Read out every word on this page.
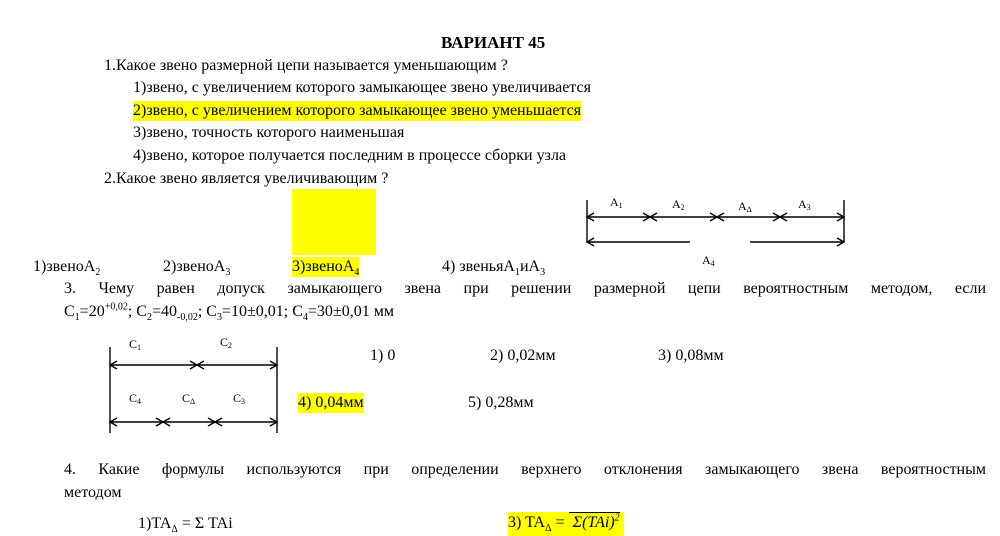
ВАРИАНТ 45
1.Какое звено размерной цепи называется уменьшающим ?
1)звено, с увеличением которого замыкающее звено увеличивается
2)звено, с увеличением которого замыкающее звено уменьшается
3)звено, точность которого наименьшая
4)звено, которое получается последним в процессе сборки узла
2.Какое звено является увеличивающим ?
1)звеноA$_2$	2)звеноA$_3$	3)звеноA$_4$	4) $звеньяA_1иA_3$
A1	A2	AΔ	A3
A4
3. Чему равен допуск замыкающего звена при решении размерной цепи вероятностным методом, если
$C_1=20^{+0,02}$; $C_2=40_{-0,02}$; $C_3=10\pm 0,01$; $C_4=30\pm 0,01$ мм
C1	C2
C4	CΔ	C3
1) 0	2) 0,02мм	3) 0,08мм
4) 0,04мм	5) 0,28мм
4. Какие формулы используются при определении верхнего отклонения замыкающего звена вероятностным
методом
$1)TA_\Delta = \Sigma$ TAi	3) $TA_\Delta = \Sigma(TAi)^2$
